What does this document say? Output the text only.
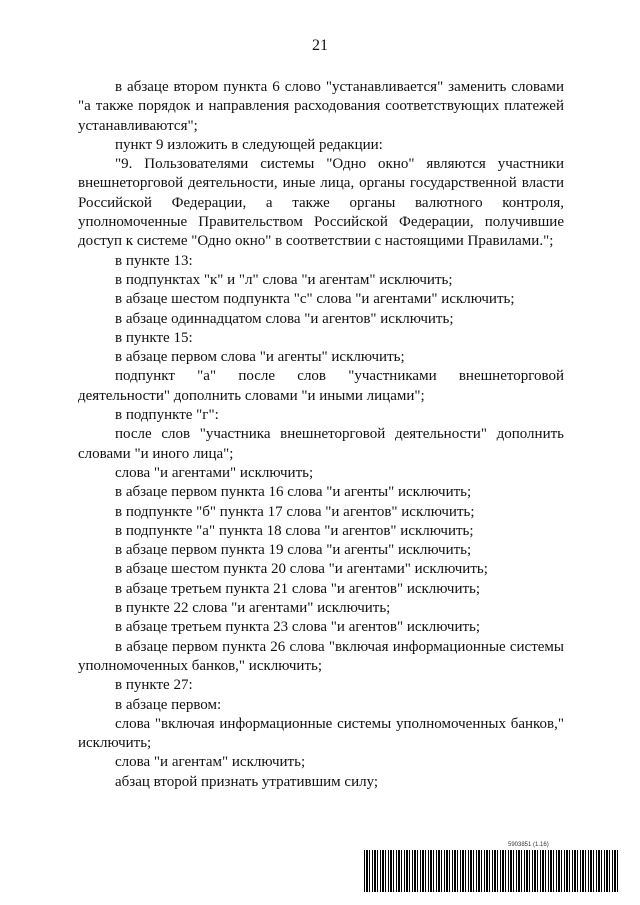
21

в абзаце втором пункта 6 слово "устанавливается" заменить словами "а также порядок и направления расходования соответствующих платежей устанавливаются";

пункт 9 изложить в следующей редакции:

"9. Пользователями системы "Одно окно" являются участники внешнеторговой деятельности, иные лица, органы государственной власти Российской Федерации, а также органы валютного контроля, уполномоченные Правительством Российской Федерации, получившие доступ к системе "Одно окно" в соответствии с настоящими Правилами.";

в пункте 13:

в подпунктах "к" и "л" слова "и агентам" исключить;

в абзаце шестом подпункта "с" слова "и агентами" исключить;

в абзаце одиннадцатом слова "и агентов" исключить;

в пункте 15:

в абзаце первом слова "и агенты" исключить;

подпункт "а" после слов "участниками внешнеторговой деятельности" дополнить словами "и иными лицами";

в подпункте "г":

после слов "участника внешнеторговой деятельности" дополнить словами "и иного лица";

слова "и агентами" исключить;

в абзаце первом пункта 16 слова "и агенты" исключить;

в подпункте "б" пункта 17 слова "и агентов" исключить;

в подпункте "а" пункта 18 слова "и агентов" исключить;

в абзаце первом пункта 19 слова "и агенты" исключить;

в абзаце шестом пункта 20 слова "и агентами" исключить;

в абзаце третьем пункта 21 слова "и агентов" исключить;

в пункте 22 слова "и агентами" исключить;

в абзаце третьем пункта 23 слова "и агентов" исключить;

в абзаце первом пункта 26 слова "включая информационные системы уполномоченных банков," исключить;

в пункте 27:

в абзаце первом:

слова "включая информационные системы уполномоченных банков," исключить;

слова "и агентам" исключить;

абзац второй признать утратившим силу;

5903851 (1.16)
